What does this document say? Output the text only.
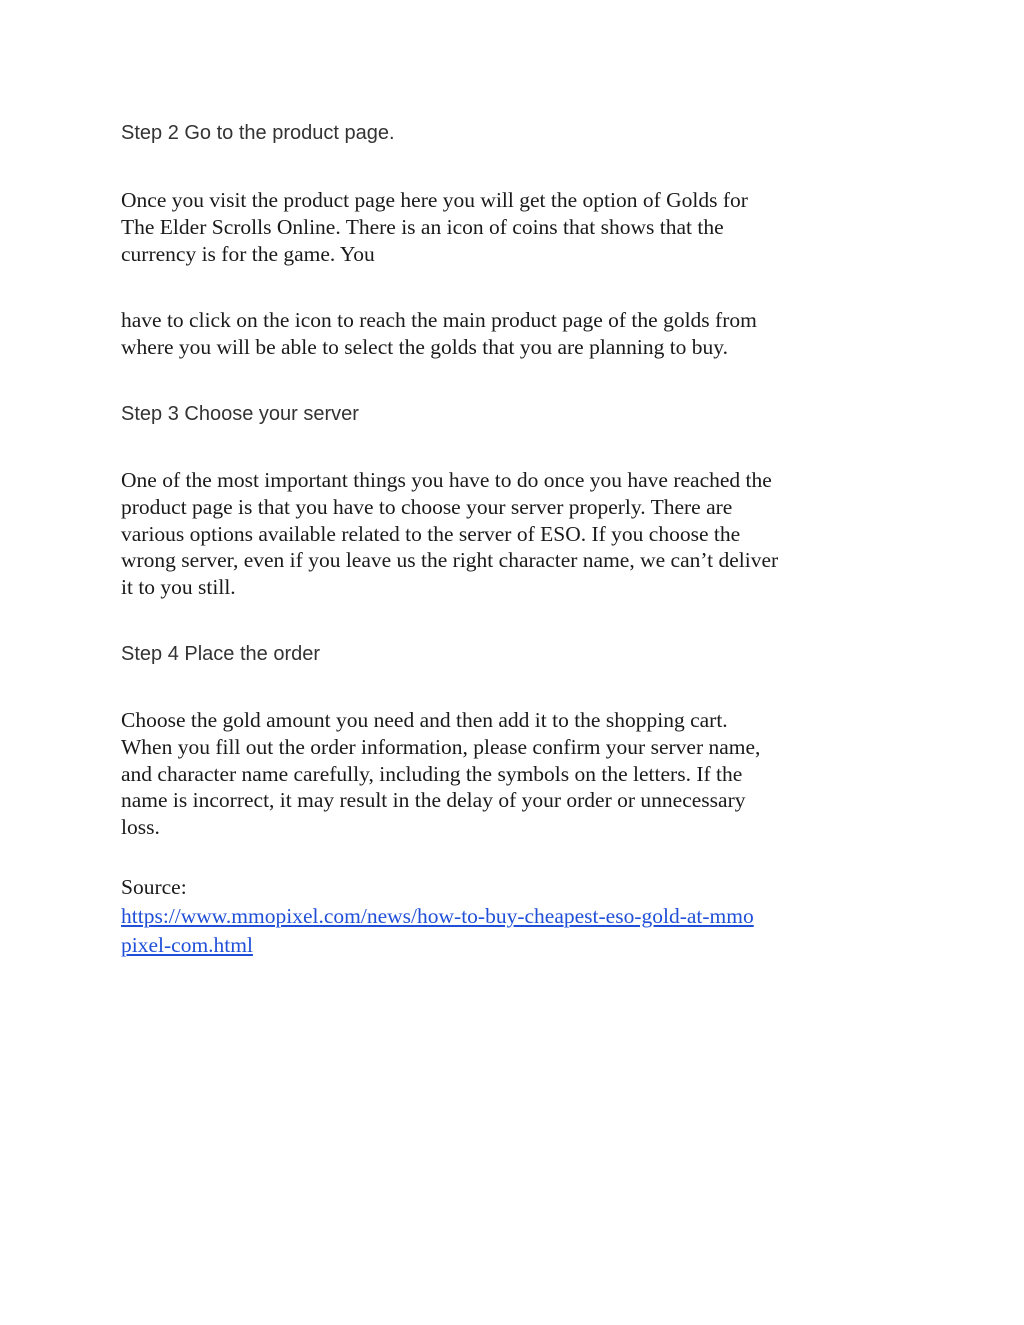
Step 2 Go to the product page.

Once you visit the product page here you will get the option of Golds for
The Elder Scrolls Online. There is an icon of coins that shows that the
currency is for the game. You

have to click on the icon to reach the main product page of the golds from
where you will be able to select the golds that you are planning to buy.

Step 3 Choose your server

One of the most important things you have to do once you have reached the
product page is that you have to choose your server properly. There are
various options available related to the server of ESO. If you choose the
wrong server, even if you leave us the right character name, we can’t deliver
it to you still.

Step 4 Place the order

Choose the gold amount you need and then add it to the shopping cart.
When you fill out the order information, please confirm your server name,
and character name carefully, including the symbols on the letters. If the
name is incorrect, it may result in the delay of your order or unnecessary
loss.

Source:
https://www.mmopixel.com/news/how-to-buy-cheapest-eso-gold-at-mmo
pixel-com.html
